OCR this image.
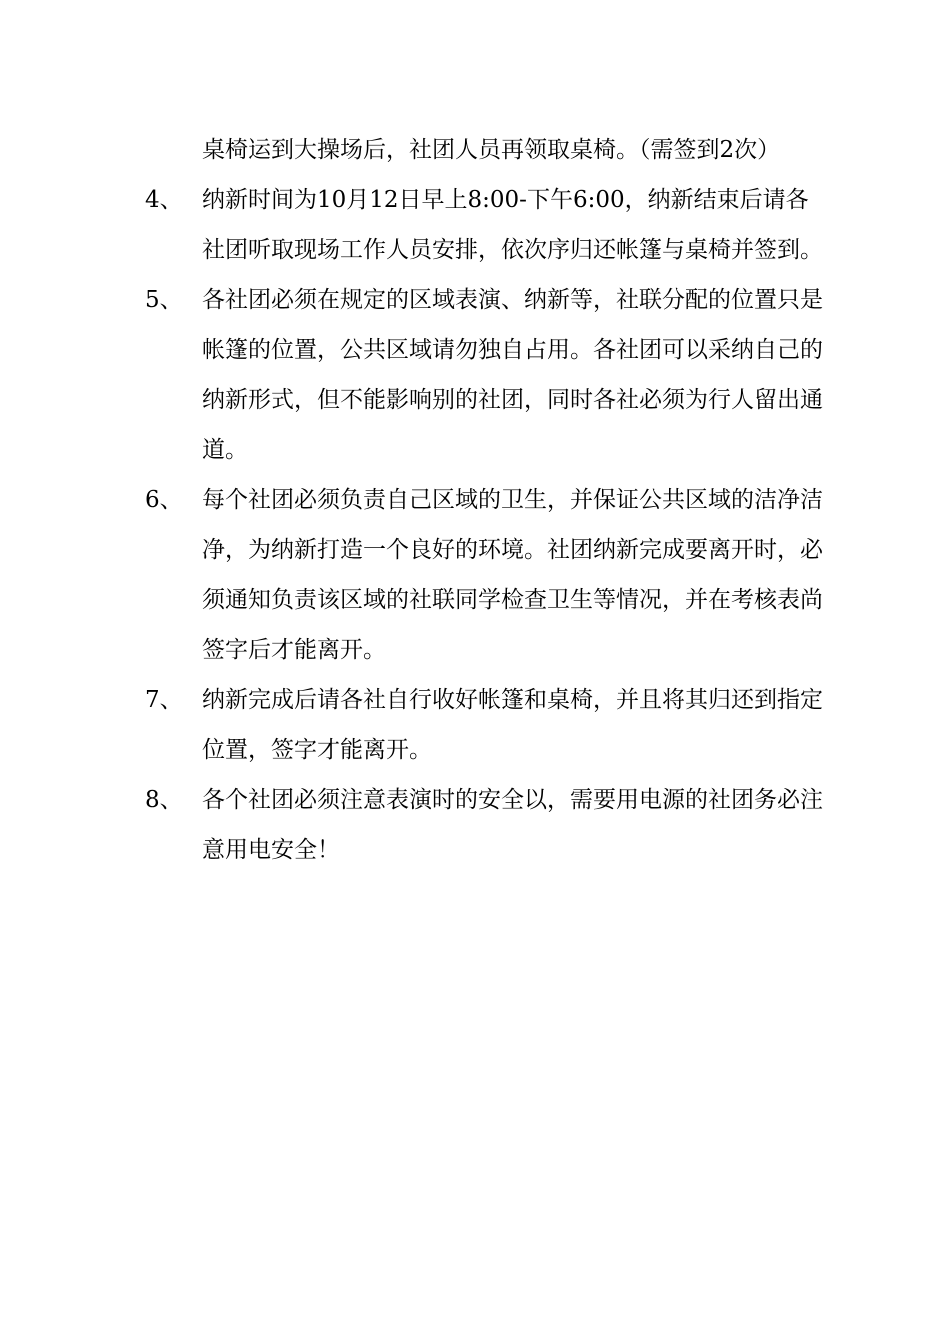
桌椅运到大操场后，社团人员再领取桌椅。（需签到2次）
4、 纳新时间为10月12日早上8:00-下午6:00，纳新结束后请各
社团听取现场工作人员安排，依次序归还帐篷与桌椅并签到。
5、 各社团必须在规定的区域表演、纳新等，社联分配的位置只是
帐篷的位置，公共区域请勿独自占用。各社团可以采纳自己的
纳新形式，但不能影响别的社团，同时各社必须为行人留出通
道。
6、 每个社团必须负责自己区域的卫生，并保证公共区域的洁净洁
净，为纳新打造一个良好的环境。社团纳新完成要离开时，必
须通知负责该区域的社联同学检查卫生等情况，并在考核表尚
签字后才能离开。
7、 纳新完成后请各社自行收好帐篷和桌椅，并且将其归还到指定
位置，签字才能离开。
8、 各个社团必须注意表演时的安全以，需要用电源的社团务必注
意用电安全！
